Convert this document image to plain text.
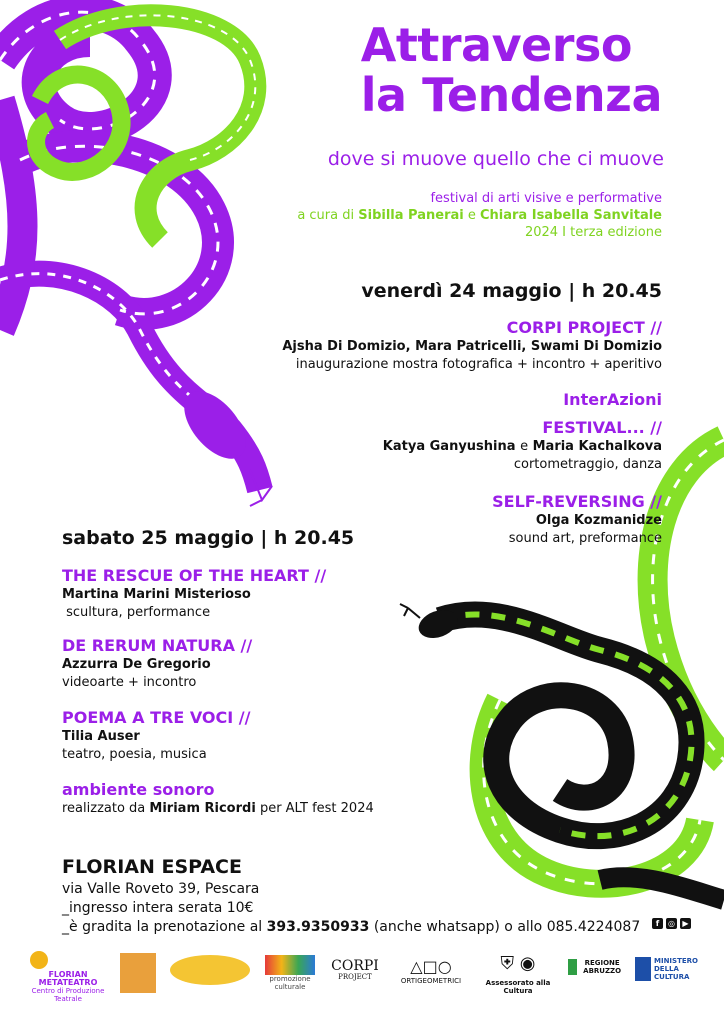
Attraverso
la Tendenza
dove si muove quello che ci muove
festival di arti visive e performative
a cura di Sibilla Panerai e Chiara Isabella Sanvitale
2024 I terza edizione
venerdì 24 maggio | h 20.45
CORPI PROJECT //
Ajsha Di Domizio, Mara Patricelli, Swami Di Domizio
inaugurazione mostra fotografica + incontro + aperitivo
InterAzioni
FESTIVAL... //
Katya Ganyushina e Maria Kachalkova
cortometraggio, danza
SELF-REVERSING //
Olga Kozmanidze
sound art, preformance
sabato 25 maggio | h 20.45
THE RESCUE OF THE HEART //
Martina Marini Misterioso
scultura, performance
DE RERUM NATURA //
Azzurra De Gregorio
videoarte + incontro
POEMA A TRE VOCI //
Tilia Auser
teatro, poesia, musica
ambiente sonoro
realizzato da Miriam Ricordi per ALT fest 2024
FLORIAN ESPACE
via Valle Roveto 39, Pescara
_ingresso intera serata 10€
_è gradita la prenotazione al 393.9350933 (anche whatsapp) o allo 085.4224087	f	◎ ▶
FLORIAN
METATEATRO
Centro di Produzione
Teatrale
promozione culturale
CORPI
PROJECT
△□○
ORTIGEOMETRICI
⛨ ◉
Assessorato alla Cultura
REGIONE ABRUZZO
MINISTERO
DELLA
CULTURA
